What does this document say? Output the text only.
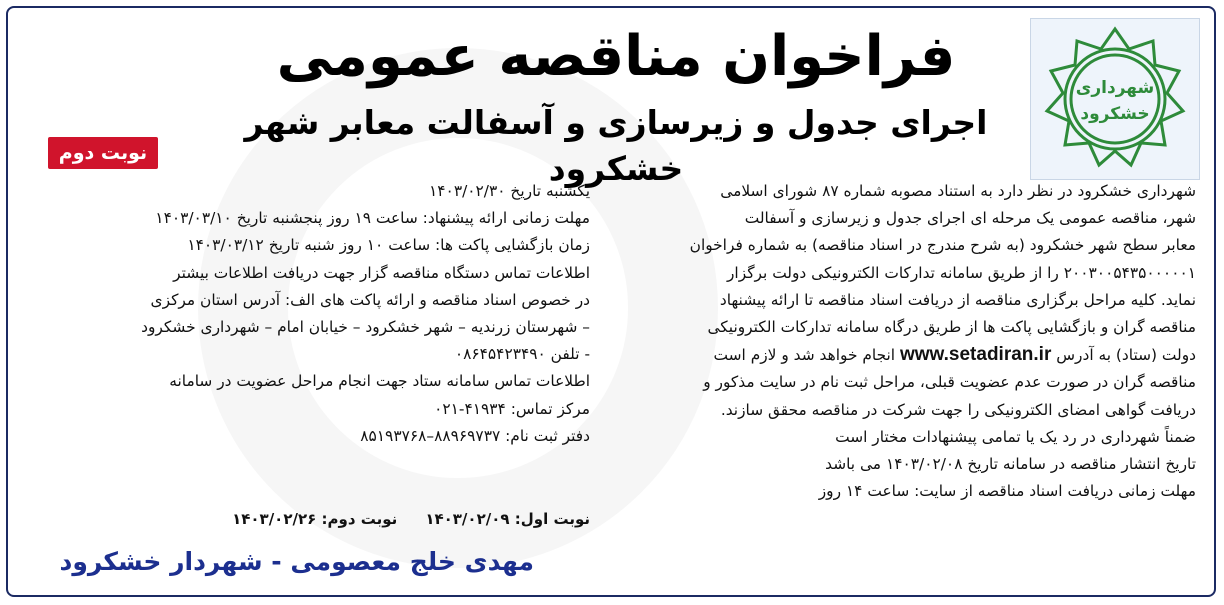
شهرداری
خشکرود
فراخوان مناقصه عمومی
اجرای جدول و زیرسازی و آسفالت معابر شهر خشکرود
نوبت دوم

شهرداری خشکرود در نظر دارد به استناد مصوبه شماره ۸۷ شورای اسلامی

شهر، مناقصه عمومی یک مرحله ای اجرای جدول و زیرسازی و آسفالت

معابر سطح شهر خشکرود (به شرح مندرج در اسناد مناقصه) به شماره فراخوان

۲۰۰۳۰۰۵۴۳۵۰۰۰۰۰۱ را از طریق سامانه تدارکات الکترونیکی دولت برگزار

نماید. کلیه مراحل برگزاری مناقصه از دریافت اسناد مناقصه تا ارائه پیشنهاد

مناقصه گران و بازگشایی پاکت ها از طریق درگاه سامانه تدارکات الکترونیکی

دولت (ستاد) به آدرس www.setadiran.ir انجام خواهد شد و لازم است

مناقصه گران در صورت عدم عضویت قبلی، مراحل ثبت نام در سایت مذکور و

دریافت گواهی امضای الکترونیکی را جهت شرکت در مناقصه محقق سازند.

ضمناً شهرداری در رد یک یا تمامی پیشنهادات مختار است

تاریخ انتشار مناقصه در سامانه تاریخ ۱۴۰۳/۰۲/۰۸ می باشد

مهلت زمانی دریافت اسناد مناقصه از سایت: ساعت ۱۴ روز

یکشنبه تاریخ ۱۴۰۳/۰۲/۳۰

مهلت زمانی ارائه پیشنهاد: ساعت ۱۹ روز پنجشنبه تاریخ ۱۴۰۳/۰۳/۱۰

زمان بازگشایی پاکت ها: ساعت ۱۰ روز شنبه تاریخ ۱۴۰۳/۰۳/۱۲

اطلاعات تماس دستگاه مناقصه گزار جهت دریافت اطلاعات بیشتر

در خصوص اسناد مناقصه و ارائه پاکت های الف: آدرس استان مرکزی

– شهرستان زرندیه – شهر خشکرود – خیابان امام – شهرداری خشکرود

- تلفن ۰۸۶۴۵۴۲۳۴۹۰

اطلاعات تماس سامانه ستاد جهت انجام مراحل عضویت در سامانه

مرکز تماس: ۴۱۹۳۴-۰۲۱

دفتر ثبت نام: ۸۸۹۶۹۷۳۷–۸۵۱۹۳۷۶۸

نوبت اول: ۱۴۰۳/۰۲/۰۹
نوبت دوم: ۱۴۰۳/۰۲/۲۶
مهدی خلج معصومی - شهردار خشکرود
